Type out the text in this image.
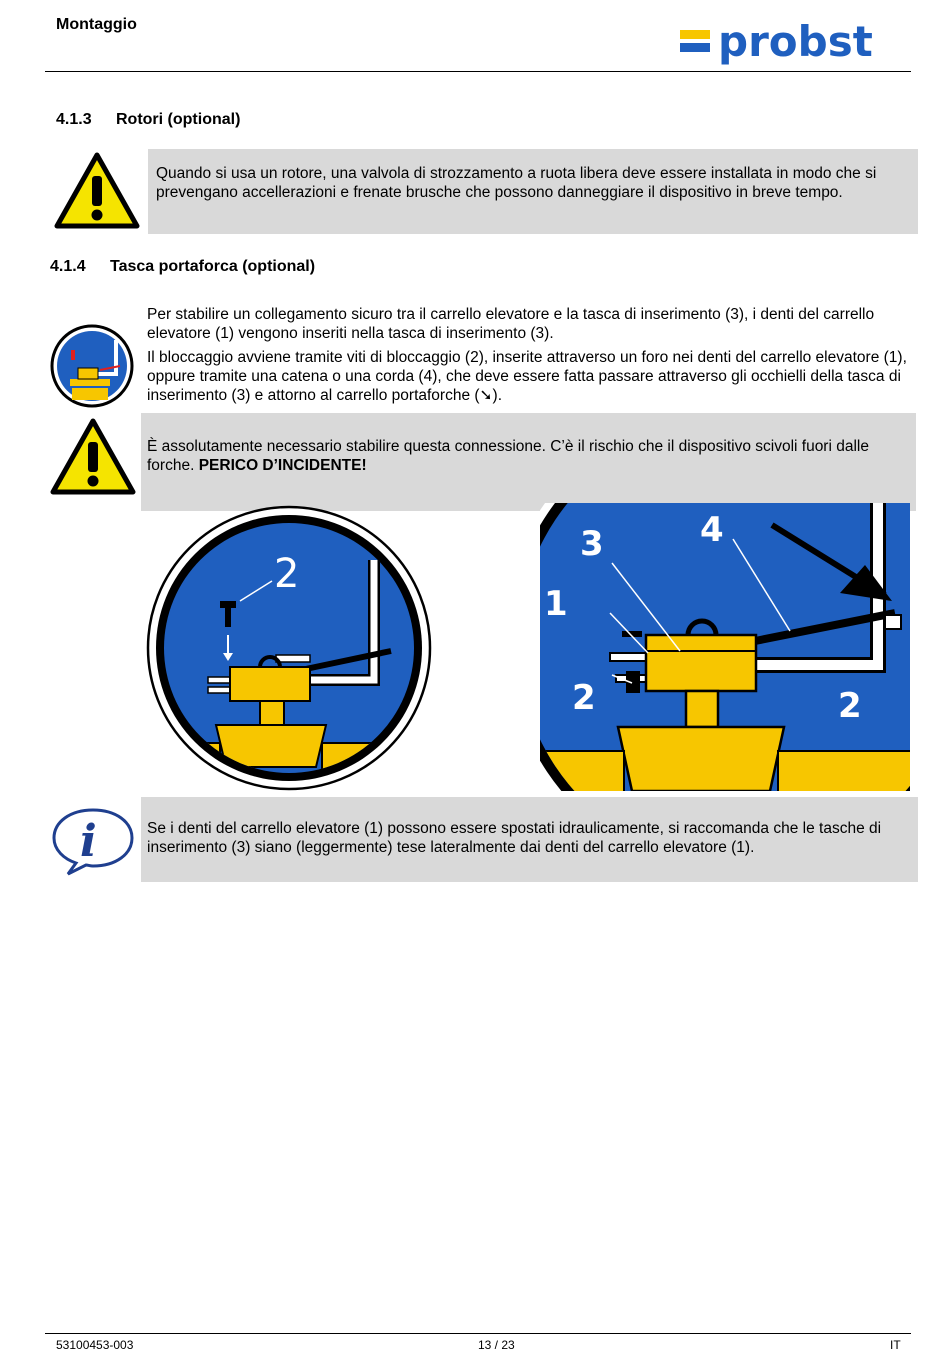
Montaggio	probst
4.1.3 Rotori (optional)
Quando si usa un rotore, una valvola di strozzamento a ruota libera deve essere installata in modo che si prevengano accellerazioni e frenate brusche che possono danneggiare il dispositivo in breve tempo.
4.1.4 Tasca portaforca (optional)
Per stabilire un collegamento sicuro tra il carrello elevatore e la tasca di inserimento (3), i denti del carrello elevatore (1) vengono inseriti nella tasca di inserimento (3).
Il bloccaggio avviene tramite viti di bloccaggio (2), inserite attraverso un foro nei denti del carrello elevatore (1), oppure tramite una catena o una corda (4), che deve essere fatta passare attraverso gli occhielli della tasca di inserimento (3) e attorno al carrello portaforche (➘).
È assolutamente necessario stabilire questa connessione. C’è il rischio che il dispositivo scivoli fuori dalle forche. PERICO D’INCIDENTE!
29040222
2
3	4
1
2	2
i	Se i denti del carrello elevatore (1) possono essere spostati idraulicamente, si raccomanda che le tasche di inserimento (3) siano (leggermente) tese lateralmente dai denti del carrello elevatore (1).
53100453-003	13 / 23	IT
